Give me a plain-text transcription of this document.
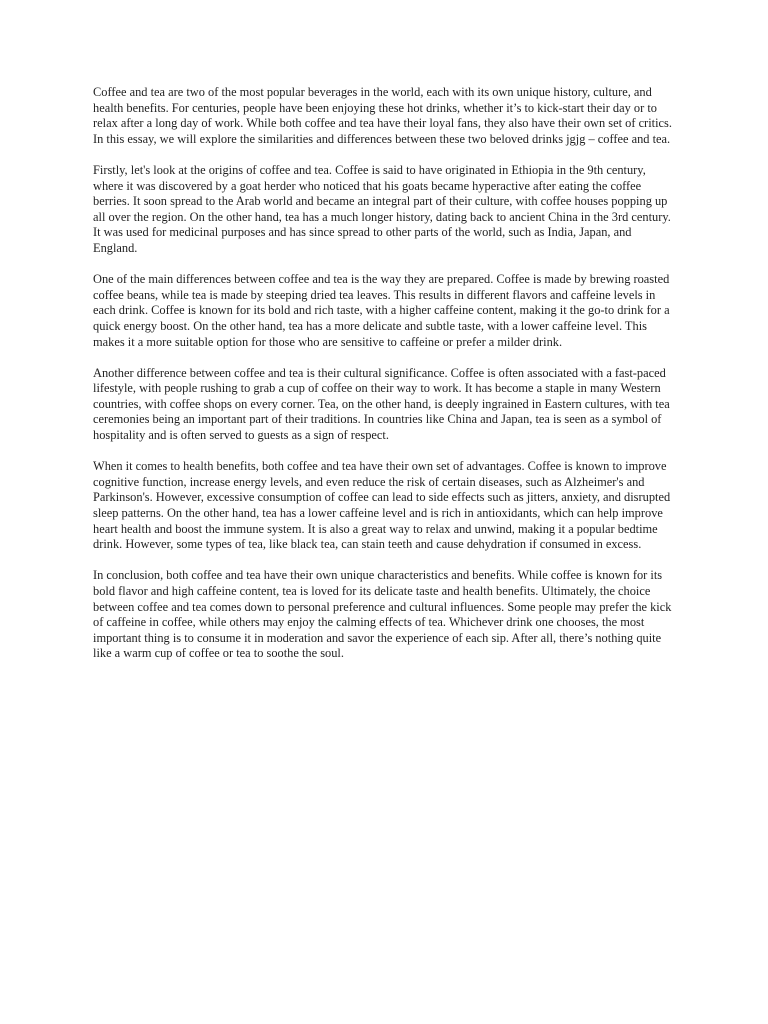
Coffee and tea are two of the most popular beverages in the world, each with its own unique history, culture, and health benefits. For centuries, people have been enjoying these hot drinks, whether it’s to kick-start their day or to relax after a long day of work. While both coffee and tea have their loyal fans, they also have their own set of critics. In this essay, we will explore the similarities and differences between these two beloved drinks jgjg – coffee and tea.

Firstly, let's look at the origins of coffee and tea. Coffee is said to have originated in Ethiopia in the 9th century, where it was discovered by a goat herder who noticed that his goats became hyperactive after eating the coffee berries. It soon spread to the Arab world and became an integral part of their culture, with coffee houses popping up all over the region. On the other hand, tea has a much longer history, dating back to ancient China in the 3rd century. It was used for medicinal purposes and has since spread to other parts of the world, such as India, Japan, and England.

One of the main differences between coffee and tea is the way they are prepared. Coffee is made by brewing roasted coffee beans, while tea is made by steeping dried tea leaves. This results in different flavors and caffeine levels in each drink. Coffee is known for its bold and rich taste, with a higher caffeine content, making it the go-to drink for a quick energy boost. On the other hand, tea has a more delicate and subtle taste, with a lower caffeine level. This makes it a more suitable option for those who are sensitive to caffeine or prefer a milder drink.

Another difference between coffee and tea is their cultural significance. Coffee is often associated with a fast-paced lifestyle, with people rushing to grab a cup of coffee on their way to work. It has become a staple in many Western countries, with coffee shops on every corner. Tea, on the other hand, is deeply ingrained in Eastern cultures, with tea ceremonies being an important part of their traditions. In countries like China and Japan, tea is seen as a symbol of hospitality and is often served to guests as a sign of respect.

When it comes to health benefits, both coffee and tea have their own set of advantages. Coffee is known to improve cognitive function, increase energy levels, and even reduce the risk of certain diseases, such as Alzheimer's and Parkinson's. However, excessive consumption of coffee can lead to side effects such as jitters, anxiety, and disrupted sleep patterns. On the other hand, tea has a lower caffeine level and is rich in antioxidants, which can help improve heart health and boost the immune system. It is also a great way to relax and unwind, making it a popular bedtime drink. However, some types of tea, like black tea, can stain teeth and cause dehydration if consumed in excess.

In conclusion, both coffee and tea have their own unique characteristics and benefits. While coffee is known for its bold flavor and high caffeine content, tea is loved for its delicate taste and health benefits. Ultimately, the choice between coffee and tea comes down to personal preference and cultural influences. Some people may prefer the kick of caffeine in coffee, while others may enjoy the calming effects of tea. Whichever drink one chooses, the most important thing is to consume it in moderation and savor the experience of each sip. After all, there’s nothing quite like a warm cup of coffee or tea to soothe the soul.
